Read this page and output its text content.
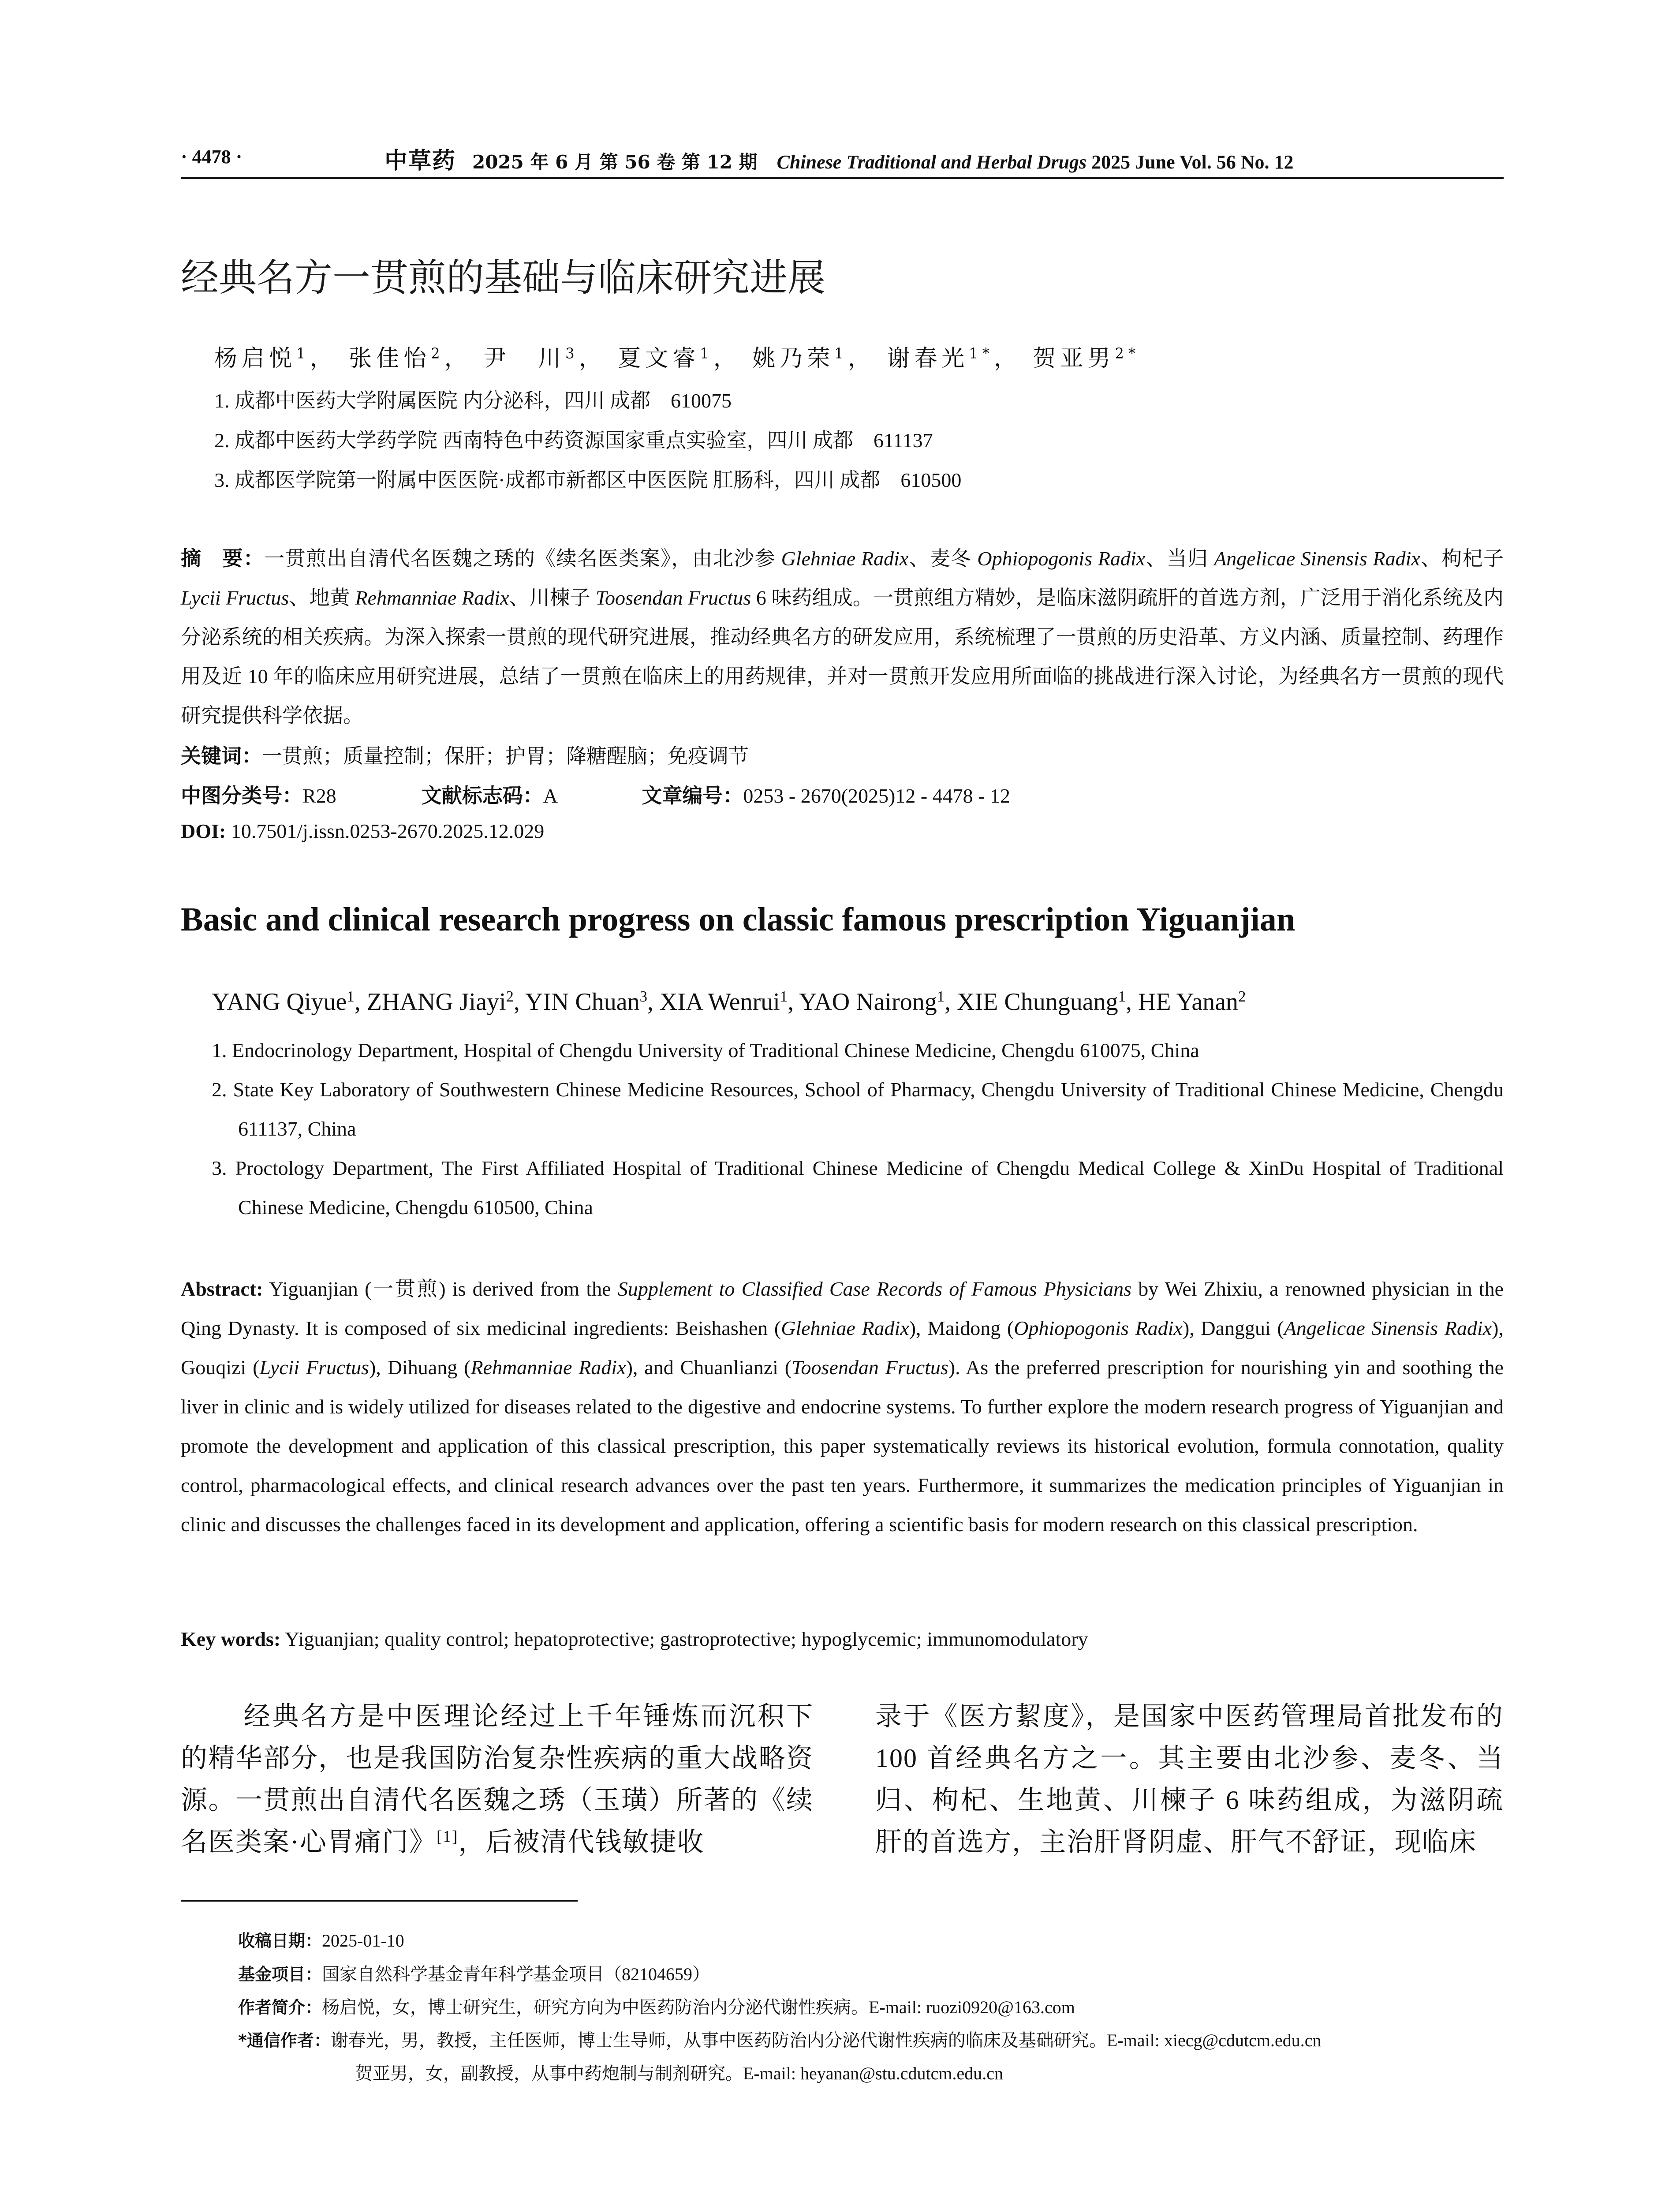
· 4478 ·	中草药 2025 年 6 月 第 56 卷 第 12 期 Chinese Traditional and Herbal Drugs 2025 June Vol. 56 No. 12
经典名方一贯煎的基础与临床研究进展
杨启悦$^1$， 张佳怡$^2$， 尹　川$^3$， 夏文睿$^1$， 姚乃荣$^1$， 谢春光$^{1*}$， 贺亚男$^{2*}$
1. 成都中医药大学附属医院 内分泌科，四川 成都　610075
2. 成都中医药大学药学院 西南特色中药资源国家重点实验室，四川 成都　611137
3. 成都医学院第一附属中医医院·成都市新都区中医医院 肛肠科，四川 成都　610500
摘　要：一贯煎出自清代名医魏之琇的《续名医类案》，由北沙参 Glehniae Radix、麦冬 Ophiopogonis Radix、当归 Angelicae Sinensis Radix、枸杞子 Lycii Fructus、地黄 Rehmanniae Radix、川楝子 Toosendan Fructus 6 味药组成。一贯煎组方精妙，是临床滋阴疏肝的首选方剂，广泛用于消化系统及内分泌系统的相关疾病。为深入探索一贯煎的现代研究进展，推动经典名方的研发应用，系统梳理了一贯煎的历史沿革、方义内涵、质量控制、药理作用及近 10 年的临床应用研究进展，总结了一贯煎在临床上的用药规律，并对一贯煎开发应用所面临的挑战进行深入讨论，为经典名方一贯煎的现代研究提供科学依据。
关键词：一贯煎；质量控制；保肝；护胃；降糖醒脑；免疫调节
中图分类号：R28	文献标志码：A	文章编号：0253 - 2670(2025)12 - 4478 - 12
DOI: 10.7501/j.issn.0253-2670.2025.12.029
Basic and clinical research progress on classic famous prescription Yiguanjian
YANG Qiyue$^1$, ZHANG Jiayi$^2$, YIN Chuan$^3$, XIA Wenrui$^1$, YAO Nairong$^1$, XIE Chunguang$^1$, HE Yanan$^2$
1. Endocrinology Department, Hospital of Chengdu University of Traditional Chinese Medicine, Chengdu 610075, China
2. State Key Laboratory of Southwestern Chinese Medicine Resources, School of Pharmacy, Chengdu University of Traditional Chinese Medicine, Chengdu 611137, China
3. Proctology Department, The First Affiliated Hospital of Traditional Chinese Medicine of Chengdu Medical College & XinDu Hospital of Traditional Chinese Medicine, Chengdu 610500, China
Abstract: Yiguanjian (一贯煎) is derived from the Supplement to Classified Case Records of Famous Physicians by Wei Zhixiu, a renowned physician in the Qing Dynasty. It is composed of six medicinal ingredients: Beishashen (Glehniae Radix), Maidong (Ophiopogonis Radix), Danggui (Angelicae Sinensis Radix), Gouqizi (Lycii Fructus), Dihuang (Rehmanniae Radix), and Chuanlianzi (Toosendan Fructus). As the preferred prescription for nourishing yin and soothing the liver in clinic and is widely utilized for diseases related to the digestive and endocrine systems. To further explore the modern research progress of Yiguanjian and promote the development and application of this classical prescription, this paper systematically reviews its historical evolution, formula connotation, quality control, pharmacological effects, and clinical research advances over the past ten years. Furthermore, it summarizes the medication principles of Yiguanjian in clinic and discusses the challenges faced in its development and application, offering a scientific basis for modern research on this classical prescription.
Key words: Yiguanjian; quality control; hepatoprotective; gastroprotective; hypoglycemic; immunomodulatory
经典名方是中医理论经过上千年锤炼而沉积下的精华部分，也是我国防治复杂性疾病的重大战略资源。一贯煎出自清代名医魏之琇（玉璜）所著的《续名医类案·心胃痛门》[1]，后被清代钱敏捷收
录于《医方絜度》，是国家中医药管理局首批发布的 100 首经典名方之一。其主要由北沙参、麦冬、当归、枸杞、生地黄、川楝子 6 味药组成，为滋阴疏肝的首选方，主治肝肾阴虚、肝气不舒证，现临床
收稿日期：2025-01-10
基金项目：国家自然科学基金青年科学基金项目（82104659）
作者简介：杨启悦，女，博士研究生，研究方向为中医药防治内分泌代谢性疾病。E-mail: ruozi0920@163.com
*通信作者：谢春光，男，教授，主任医师，博士生导师，从事中医药防治内分泌代谢性疾病的临床及基础研究。E-mail: xiecg@cdutcm.edu.cn
贺亚男，女，副教授，从事中药炮制与制剂研究。E-mail: heyanan@stu.cdutcm.edu.cn
